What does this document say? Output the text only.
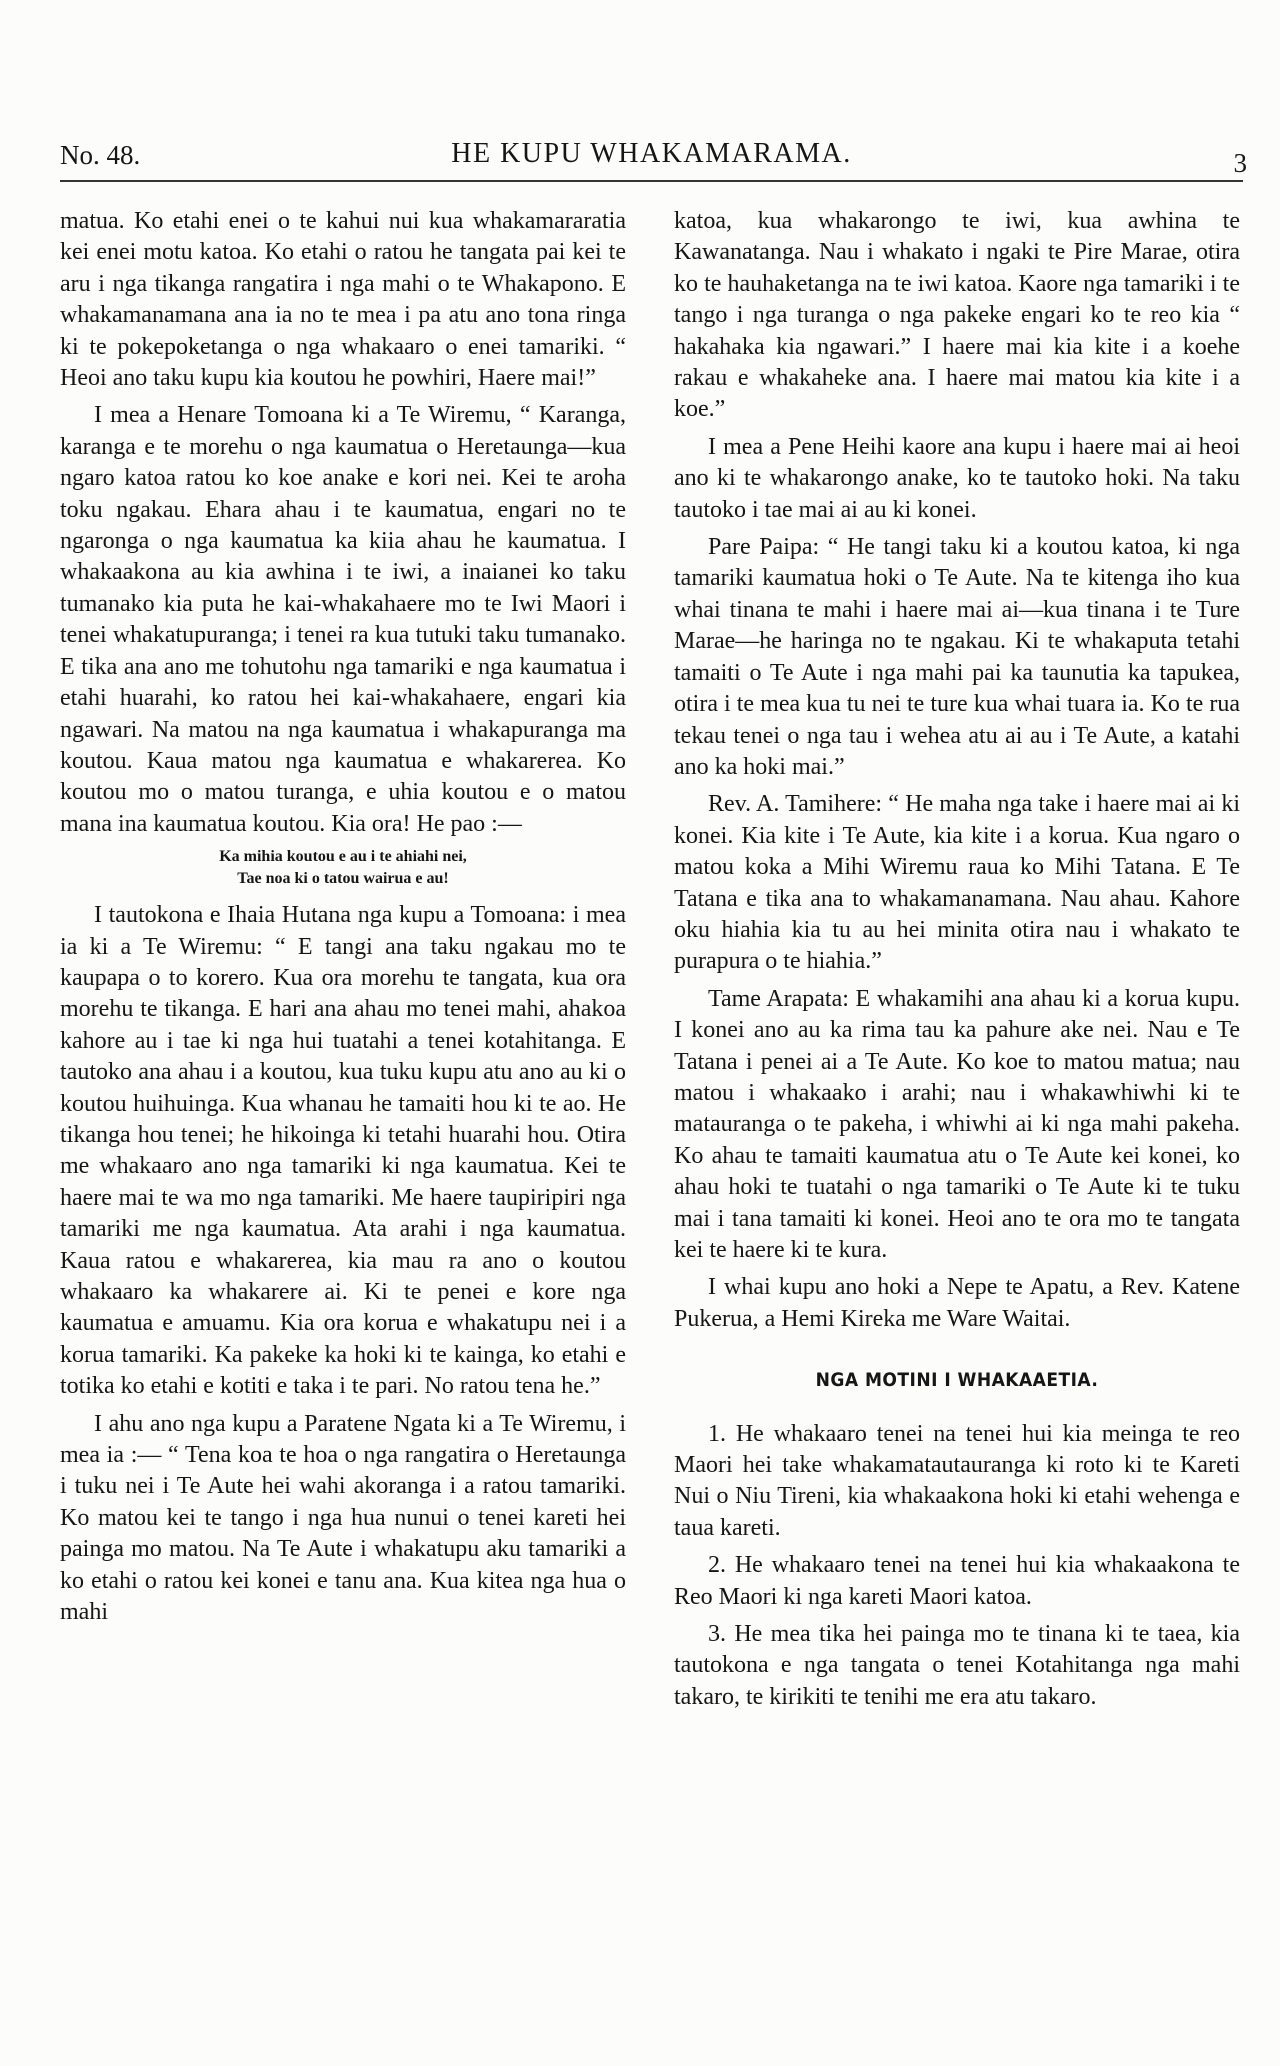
No. 48.	HE KUPU WHAKAMARAMA.	3

matua. Ko etahi enei o te kahui nui kua whakamararatia kei enei motu katoa. Ko etahi o ratou he tangata pai kei te aru i nga tikanga rangatira i nga mahi o te Whakapono. E whakamanamana ana ia no te mea i pa atu ano tona ringa ki te pokepoketanga o nga whakaaro o enei tamariki. “ Heoi ano taku kupu kia koutou he powhiri, Haere mai!”

I mea a Henare Tomoana ki a Te Wiremu, “ Karanga, karanga e te morehu o nga kaumatua o Heretaunga—kua ngaro katoa ratou ko koe anake e kori nei. Kei te aroha toku ngakau. Ehara ahau i te kaumatua, engari no te ngaronga o nga kaumatua ka kiia ahau he kaumatua. I whakaakona au kia awhina i te iwi, a inaianei ko taku tumanako kia puta he kai-whakahaere mo te Iwi Maori i tenei whakatupuranga; i tenei ra kua tutuki taku tumanako. E tika ana ano me tohutohu nga tamariki e nga kaumatua i etahi huarahi, ko ratou hei kai-whakahaere, engari kia ngawari. Na matou na nga kaumatua i whakapuranga ma koutou. Kaua matou nga kaumatua e whakarerea. Ko koutou mo o matou turanga, e uhia koutou e o matou mana ina kaumatua koutou. Kia ora! He pao :—

Ka mihia koutou e au i te ahiahi nei,
Tae noa ki o tatou wairua e au!

I tautokona e Ihaia Hutana nga kupu a Tomoana: i mea ia ki a Te Wiremu: “ E tangi ana taku ngakau mo te kaupapa o to korero. Kua ora morehu te tangata, kua ora morehu te tikanga. E hari ana ahau mo tenei mahi, ahakoa kahore au i tae ki nga hui tuatahi a tenei kotahitanga. E tautoko ana ahau i a koutou, kua tuku kupu atu ano au ki o koutou huihuinga. Kua whanau he tamaiti hou ki te ao. He tikanga hou tenei; he hikoinga ki tetahi huarahi hou. Otira me whakaaro ano nga tamariki ki nga kaumatua. Kei te haere mai te wa mo nga tamariki. Me haere taupiripiri nga tamariki me nga kaumatua. Ata arahi i nga kaumatua. Kaua ratou e whakarerea, kia mau ra ano o koutou whakaaro ka whakarere ai. Ki te penei e kore nga kaumatua e amuamu. Kia ora korua e whakatupu nei i a korua tamariki. Ka pakeke ka hoki ki te kainga, ko etahi e totika ko etahi e kotiti e taka i te pari. No ratou tena he.”

I ahu ano nga kupu a Paratene Ngata ki a Te Wiremu, i mea ia :— “ Tena koa te hoa o nga rangatira o Heretaunga i tuku nei i Te Aute hei wahi akoranga i a ratou tamariki. Ko matou kei te tango i nga hua nunui o tenei kareti hei painga mo matou. Na Te Aute i whakatupu aku tamariki a ko etahi o ratou kei konei e tanu ana. Kua kitea nga hua o mahi

katoa, kua whakarongo te iwi, kua awhina te Kawanatanga. Nau i whakato i ngaki te Pire Marae, otira ko te hauhaketanga na te iwi katoa. Kaore nga tamariki i te tango i nga turanga o nga pakeke engari ko te reo kia “ hakahaka kia ngawari.” I haere mai kia kite i a koehe rakau e whakaheke ana. I haere mai matou kia kite i a koe.”

I mea a Pene Heihi kaore ana kupu i haere mai ai heoi ano ki te whakarongo anake, ko te tautoko hoki. Na taku tautoko i tae mai ai au ki konei.

Pare Paipa: “ He tangi taku ki a koutou katoa, ki nga tamariki kaumatua hoki o Te Aute. Na te kitenga iho kua whai tinana te mahi i haere mai ai—kua tinana i te Ture Marae—he haringa no te ngakau. Ki te whakaputa tetahi tamaiti o Te Aute i nga mahi pai ka taunutia ka tapukea, otira i te mea kua tu nei te ture kua whai tuara ia. Ko te rua tekau tenei o nga tau i wehea atu ai au i Te Aute, a katahi ano ka hoki mai.”

Rev. A. Tamihere: “ He maha nga take i haere mai ai ki konei. Kia kite i Te Aute, kia kite i a korua. Kua ngaro o matou koka a Mihi Wiremu raua ko Mihi Tatana. E Te Tatana e tika ana to whakamanamana. Nau ahau. Kahore oku hiahia kia tu au hei minita otira nau i whakato te purapura o te hiahia.”

Tame Arapata: E whakamihi ana ahau ki a korua kupu. I konei ano au ka rima tau ka pahure ake nei. Nau e Te Tatana i penei ai a Te Aute. Ko koe to matou matua; nau matou i whakaako i arahi; nau i whakawhiwhi ki te matauranga o te pakeha, i whiwhi ai ki nga mahi pakeha. Ko ahau te tamaiti kaumatua atu o Te Aute kei konei, ko ahau hoki te tuatahi o nga tamariki o Te Aute ki te tuku mai i tana tamaiti ki konei. Heoi ano te ora mo te tangata kei te haere ki te kura.

I whai kupu ano hoki a Nepe te Apatu, a Rev. Katene Pukerua, a Hemi Kireka me Ware Waitai.

NGA MOTINI I WHAKAAETIA.

1. He whakaaro tenei na tenei hui kia meinga te reo Maori hei take whakamatautauranga ki roto ki te Kareti Nui o Niu Tireni, kia whakaakona hoki ki etahi wehenga e taua kareti.

2. He whakaaro tenei na tenei hui kia whakaakona te Reo Maori ki nga kareti Maori katoa.

3. He mea tika hei painga mo te tinana ki te taea, kia tautokona e nga tangata o tenei Kotahitanga nga mahi takaro, te kirikiti te tenihi me era atu takaro.
